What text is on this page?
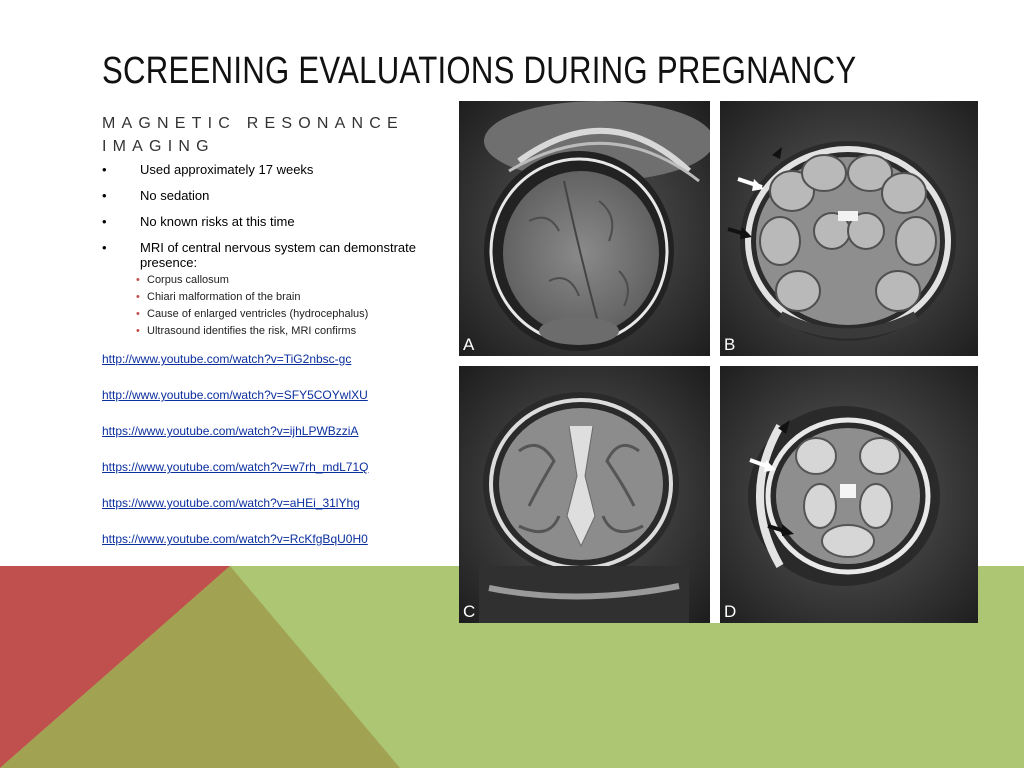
SCREENING EVALUATIONS DURING PREGNANCY
MAGNETIC RESONANCE IMAGING
•	Used approximately 17 weeks
•	No sedation
•	No known risks at this time
•	MRI of central nervous system can demonstrate presence:
• Corpus callosum
• Chiari malformation of the brain
• Cause of enlarged ventricles (hydrocephalus)
• Ultrasound identifies the risk, MRI confirms
http://www.youtube.com/watch?v=TiG2nbsc-gc
http://www.youtube.com/watch?v=SFY5COYwlXU
https://www.youtube.com/watch?v=ijhLPWBzziA
https://www.youtube.com/watch?v=w7rh_mdL71Q
https://www.youtube.com/watch?v=aHEi_31lYhg
https://www.youtube.com/watch?v=RcKfgBqU0H0
A	B
C	D
